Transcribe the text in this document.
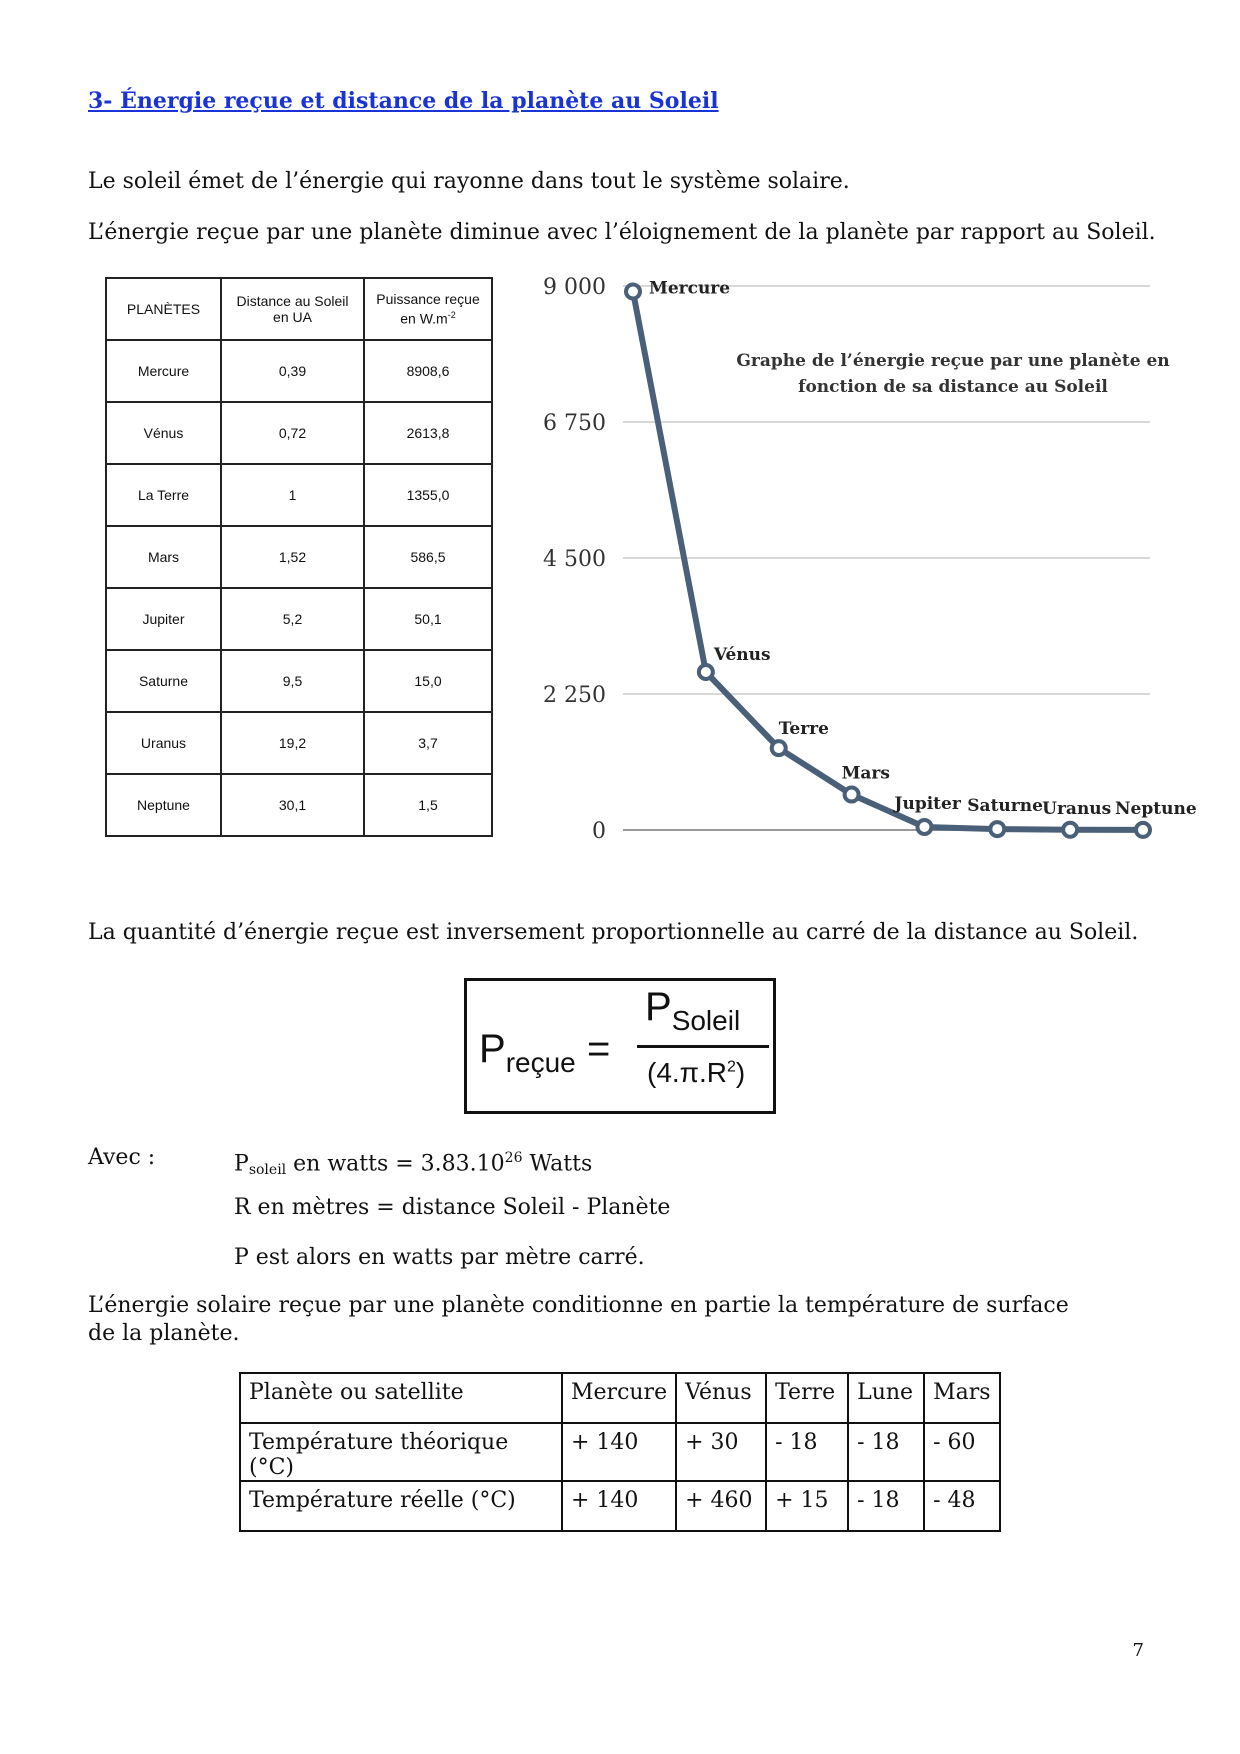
3- Énergie reçue et distance de la planète au Soleil
Le soleil émet de l’énergie qui rayonne dans tout le système solaire.
L’énergie reçue par une planète diminue avec l’éloignement de la planète par rapport au Soleil.
PLANÈTES	Distance au Soleil en UA	Puissance reçue en $W.m^{-2}$
Mercure	0,39	8908,6
Vénus	0,72	2613,8
La Terre	1	1355,0
Mars	1,52	586,5
Jupiter	5,2	50,1
Saturne	9,5	15,0
Uranus	19,2	3,7
Neptune	30,1	1,5
0
2 250
4 500
6 750
9 000
Graphe de l’énergie reçue par une planète en
fonction de sa distance au Soleil
Mercure
Vénus
Terre
Mars
Jupiter Saturne Uranus Neptune
La quantité d’énergie reçue est inversement proportionnelle au carré de la distance au Soleil.
$P_{reçue}$ =
$P_{Soleil}$
$(4.\pi.R^2)$
Avec :	Psoleil en watts = $3.83.10^{26}$ Watts
R en mètres = distance Soleil - Planète
P est alors en watts par mètre carré.
L’énergie solaire reçue par une planète conditionne en partie la température de surface de la planète.
Planète ou satellite	Mercure	Vénus	Terre	Lune	Mars
Température théorique (°C)	+ 140	+ 30	- 18	- 18	- 60
Température réelle (°C)	+ 140	+ 460	+ 15	- 18	- 48
7
